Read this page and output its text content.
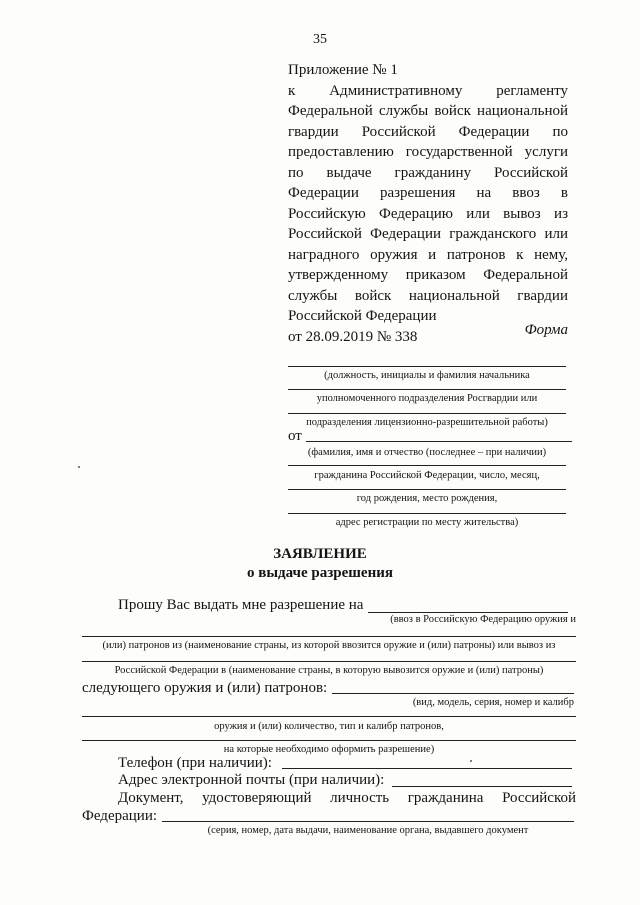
35
Приложение № 1
к Административному регламенту
Федеральной службы войск национальной
гвардии Российской Федерации по
предоставлению государственной услуги
по выдаче гражданину Российской
Федерации разрешения на ввоз в
Российскую Федерацию или вывоз из
Российской Федерации гражданского или
наградного оружия и патронов к нему,
утвержденному приказом Федеральной
службы войск национальной гвардии
Российской Федерации
от 28.09.2019 № 338	Форма
(должность, инициалы и фамилия начальника
уполномоченного подразделения Росгвардии или
подразделения лицензионно-разрешительной работы)
от
(фамилия, имя и отчество (последнее – при наличии)
гражданина Российской Федерации, число, месяц,
год рождения, место рождения,
адрес регистрации по месту жительства)
ЗАЯВЛЕНИЕ
о выдаче разрешения
Прошу Вас выдать мне разрешение на
(ввоз в Российскую Федерацию оружия и
(или) патронов из (наименование страны, из которой ввозится оружие и (или) патроны) или вывоз из
Российской Федерации в (наименование страны, в которую вывозится оружие и (или) патроны)
следующего оружия и (или) патронов:
(вид, модель, серия, номер и калибр
оружия и (или) количество, тип и калибр патронов,
на которые необходимо оформить разрешение)
Телефон (при наличии):
Адрес электронной почты (при наличии):
Документ, удостоверяющий личность гражданина Российской
Федерации:
(серия, номер, дата выдачи, наименование органа, выдавшего документ
